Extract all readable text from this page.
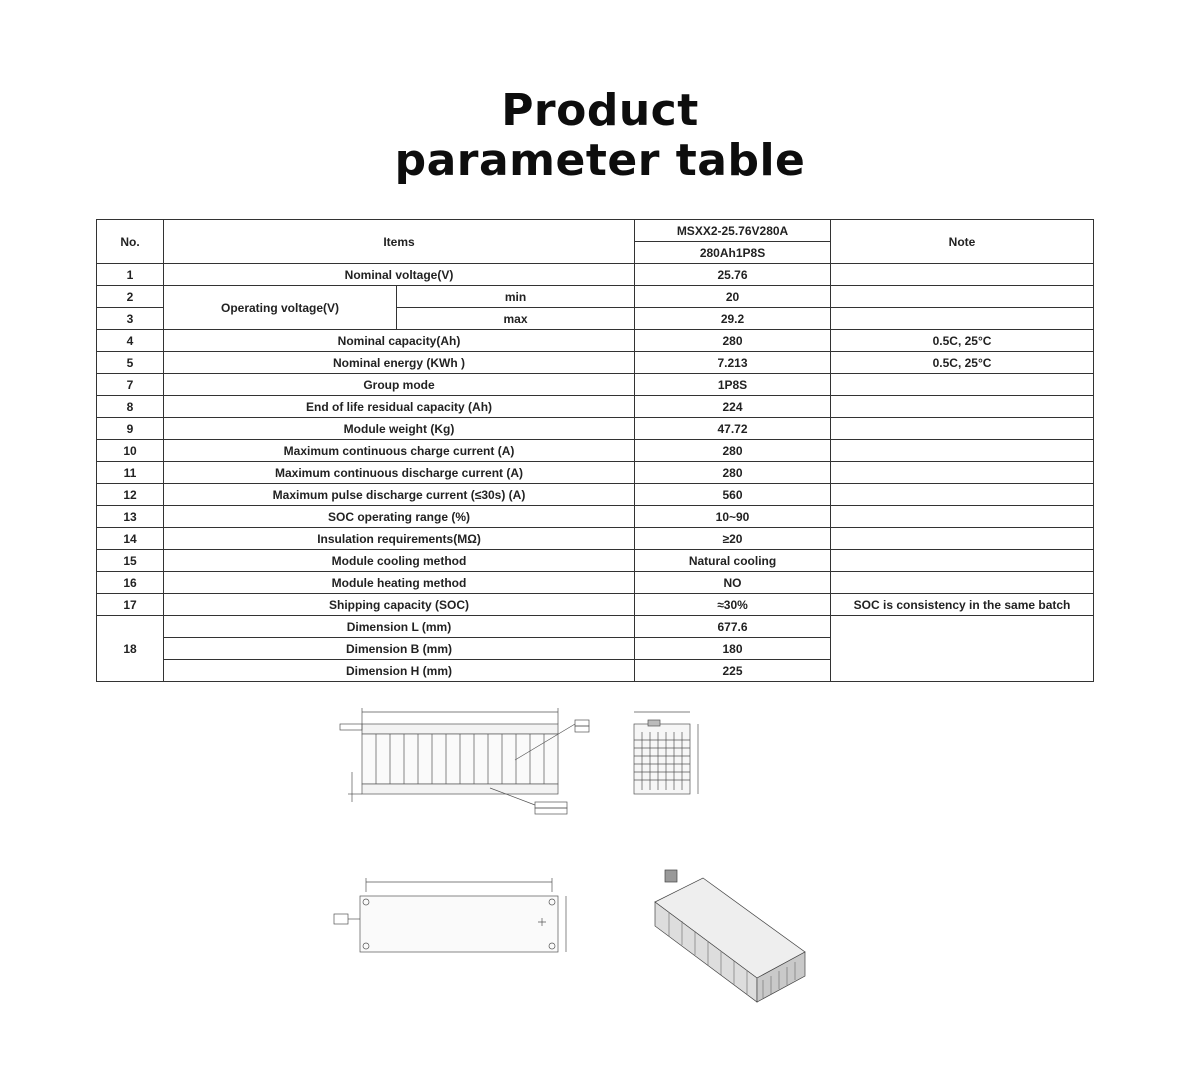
Product
parameter table
No.	Items		MSXX2-25.76V280A	Note
			280Ah1P8S	
1	Nominal voltage(V)		25.76	
2	Operating voltage(V)	min	20	
3		max	29.2	
4	Nominal capacity(Ah)		280	0.5C, 25°C
5	Nominal energy (KWh )		7.213	0.5C, 25°C
7	Group mode		1P8S	
8	End of life residual capacity (Ah)		224	
9	Module weight (Kg)		47.72	
10	Maximum continuous charge current (A)		280	
11	Maximum continuous discharge current (A)		280	
12	Maximum pulse discharge current (≤30s) (A)		560	
13	SOC operating range (%)		10~90	
14	Insulation requirements(MΩ)		≥20	
15	Module cooling method		Natural cooling	
16	Module heating method		NO	
17	Shipping capacity (SOC)		≈30%	SOC is consistency in the same batch
18	Dimension L (mm)		677.6	
	Dimension B (mm)		180	
	Dimension H (mm)		225	
